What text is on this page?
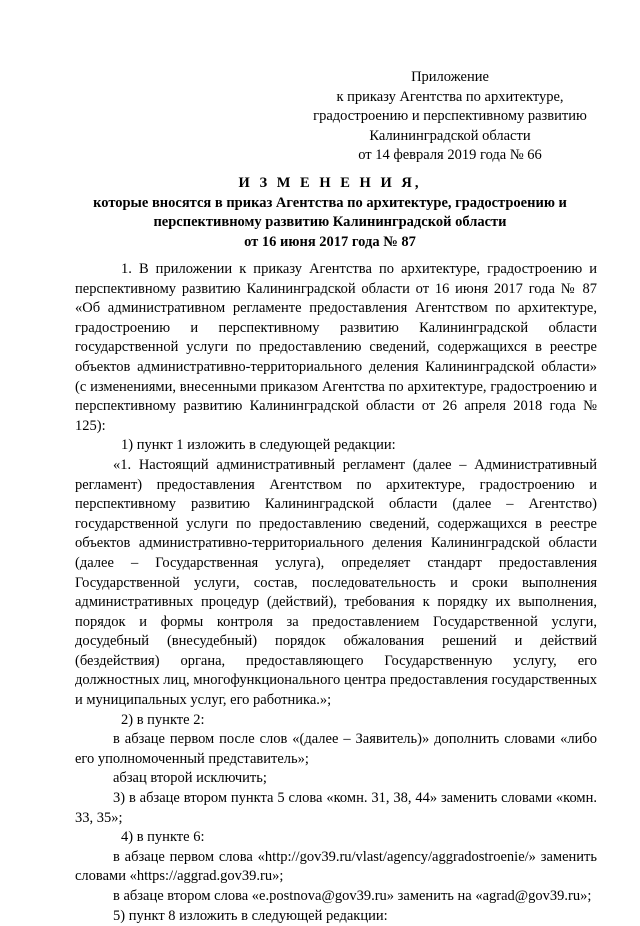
Приложение
к приказу Агентства по архитектуре,
градостроению и перспективному развитию
Калининградской области
от 14 февраля 2019 года № 66
И З М Е Н Е Н И Я,
которые вносятся в приказ Агентства по архитектуре, градостроению и
перспективному развитию Калининградской области
от 16 июня 2017 года № 87

1. В приложении к приказу Агентства по архитектуре, градостроению и перспективному развитию Калининградской области от 16 июня 2017 года № 87 «Об административном регламенте предоставления Агентством по архитектуре, градостроению и перспективному развитию Калининградской области государственной услуги по предоставлению сведений, содержащихся в реестре объектов административно-территориального деления Калининградской области» (с изменениями, внесенными приказом Агентства по архитектуре, градостроению и перспективному развитию Калининградской области от 26 апреля 2018 года № 125):

1) пункт 1 изложить в следующей редакции:

«1. Настоящий административный регламент (далее – Административный регламент) предоставления Агентством по архитектуре, градостроению и перспективному развитию Калининградской области (далее – Агентство) государственной услуги по предоставлению сведений, содержащихся в реестре объектов административно-территориального деления Калининградской области (далее – Государственная услуга), определяет стандарт предоставления Государственной услуги, состав, последовательность и сроки выполнения административных процедур (действий), требования к порядку их выполнения, порядок и формы контроля за предоставлением Государственной услуги, досудебный (внесудебный) порядок обжалования решений и действий (бездействия) органа, предоставляющего Государственную услугу, его должностных лиц, многофункционального центра предоставления государственных и муниципальных услуг, его работника.»;

2) в пункте 2:

в абзаце первом после слов «(далее – Заявитель)» дополнить словами «либо его уполномоченный представитель»;

абзац второй исключить;

3) в абзаце втором пункта 5 слова «комн. 31, 38, 44» заменить словами «комн. 33, 35»;

4) в пункте 6:

в абзаце первом слова «http://gov39.ru/vlast/agency/aggradostroenie/» заменить словами «https://aggrad.gov39.ru»;

в абзаце втором слова «e.postnova@gov39.ru» заменить на «agrad@gov39.ru»;

5) пункт 8 изложить в следующей редакции:
